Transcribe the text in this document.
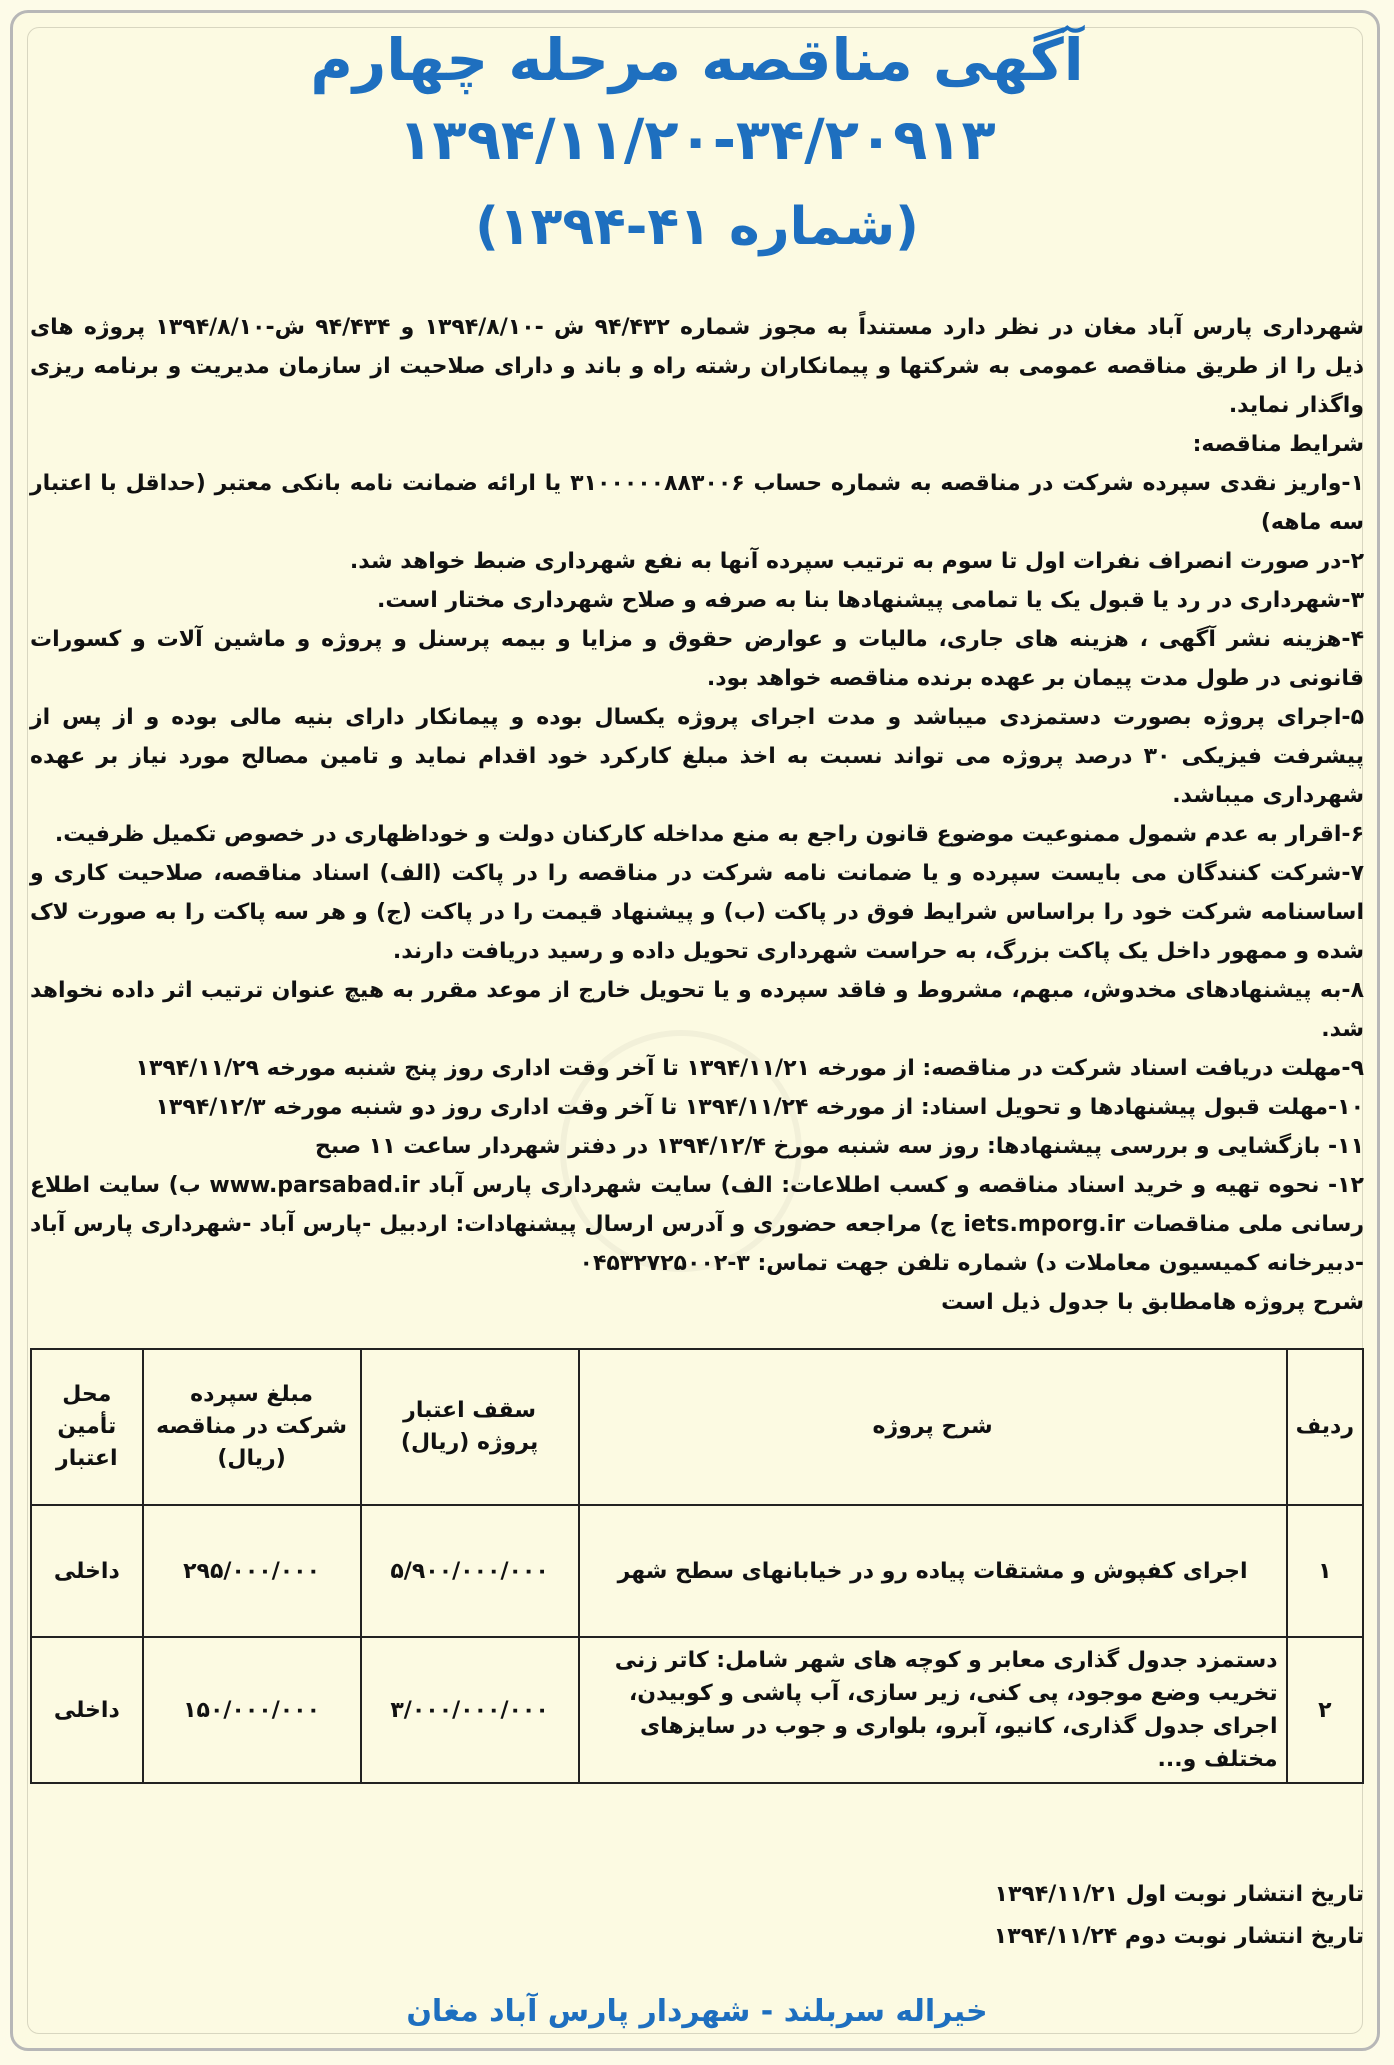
آگهی مناقصه مرحله چهارم
۱۳۹۴/۱۱/۲۰-۳۴/۲۰۹۱۳
(شماره ۴۱-۱۳۹۴)

شهرداری پارس آباد مغان در نظر دارد مستنداً به مجوز شماره ۹۴/۴۳۲ ش -۱۳۹۴/۸/۱۰ و ۹۴/۴۳۴ ش-۱۳۹۴/۸/۱۰ پروژه های ذیل را از طریق مناقصه عمومی به شرکتها و پیمانکاران رشته راه و باند و دارای صلاحیت از سازمان مدیریت و برنامه ریزی واگذار نماید.

شرایط مناقصه:

۱-واریز نقدی سپرده شرکت در مناقصه به شماره حساب ۳۱۰۰۰۰۰۸۸۳۰۰۶ یا ارائه ضمانت نامه بانکی معتبر (حداقل با اعتبار سه ماهه)

۲-در صورت انصراف نفرات اول تا سوم به ترتیب سپرده آنها به نفع شهرداری ضبط خواهد شد.

۳-شهرداری در رد یا قبول یک یا تمامی پیشنهادها بنا به صرفه و صلاح شهرداری مختار است.

۴-هزینه نشر آگهی ، هزینه های جاری، مالیات و عوارض حقوق و مزایا و بیمه پرسنل و پروژه و ماشین آلات و کسورات قانونی در طول مدت پیمان بر عهده برنده مناقصه خواهد بود.

۵-اجرای پروژه بصورت دستمزدی میباشد و مدت اجرای پروژه یکسال بوده و پیمانکار دارای بنیه مالی بوده و از پس از پیشرفت فیزیکی ۳۰ درصد پروژه می تواند نسبت به اخذ مبلغ کارکرد خود اقدام نماید و تامین مصالح مورد نیاز بر عهده شهرداری میباشد.

۶-اقرار به عدم شمول ممنوعیت موضوع قانون راجع به منع مداخله کارکنان دولت و خوداظهاری در خصوص تکمیل ظرفیت.

۷-شرکت کنندگان می بایست سپرده و یا ضمانت نامه شرکت در مناقصه را در پاکت (الف) اسناد مناقصه، صلاحیت کاری و اساسنامه شرکت خود را براساس شرایط فوق در پاکت (ب) و پیشنهاد قیمت را در پاکت (ج) و هر سه پاکت را به صورت لاک شده و ممهور داخل یک پاکت بزرگ، به حراست شهرداری تحویل داده و رسید دریافت دارند.

۸-به پیشنهادهای مخدوش، مبهم، مشروط و فاقد سپرده و یا تحویل خارج از موعد مقرر به هیچ عنوان ترتیب اثر داده نخواهد شد.

۹-مهلت دریافت اسناد شرکت در مناقصه: از مورخه ۱۳۹۴/۱۱/۲۱ تا آخر وقت اداری روز پنج شنبه مورخه ۱۳۹۴/۱۱/۲۹

۱۰-مهلت قبول پیشنهادها و تحویل اسناد: از مورخه ۱۳۹۴/۱۱/۲۴ تا آخر وقت اداری روز دو شنبه مورخه ۱۳۹۴/۱۲/۳

۱۱- بازگشایی و بررسی پیشنهادها: روز سه شنبه مورخ ۱۳۹۴/۱۲/۴ در دفتر شهردار ساعت ۱۱ صبح

۱۲- نحوه تهیه و خرید اسناد مناقصه و کسب اطلاعات: الف) سایت شهرداری پارس آباد www.parsabad.ir ب) سایت اطلاع رسانی ملی مناقصات iets.mporg.ir ج) مراجعه حضوری و آدرس ارسال پیشنهادات: اردبیل -پارس آباد -شهرداری پارس آباد -دبیرخانه کمیسیون معاملات د) شماره تلفن جهت تماس: ۳-۰۴۵۳۲۷۲۵۰۰۲

شرح پروژه هامطابق با جدول ذیل است

ردیف	شرح پروژه	سقف اعتبار پروژه (ریال)	مبلغ سپرده شرکت در مناقصه (ریال)	محل تأمین اعتبار
۱	اجرای کفپوش و مشتقات پیاده رو در خیابانهای سطح شهر	۵/۹۰۰/۰۰۰/۰۰۰	۲۹۵/۰۰۰/۰۰۰	داخلی
۲	دستمزد جدول گذاری معابر و کوچه های شهر شامل: کاتر زنی تخریب وضع موجود، پی کنی، زیر سازی، آب پاشی و کوبیدن، اجرای جدول گذاری، کانیو، آبرو، بلواری و جوب در سایزهای مختلف و...	۳/۰۰۰/۰۰۰/۰۰۰	۱۵۰/۰۰۰/۰۰۰	داخلی
تاریخ انتشار نوبت اول ۱۳۹۴/۱۱/۲۱
تاریخ انتشار نوبت دوم ۱۳۹۴/۱۱/۲۴
خیراله سربلند - شهردار پارس آباد مغان
